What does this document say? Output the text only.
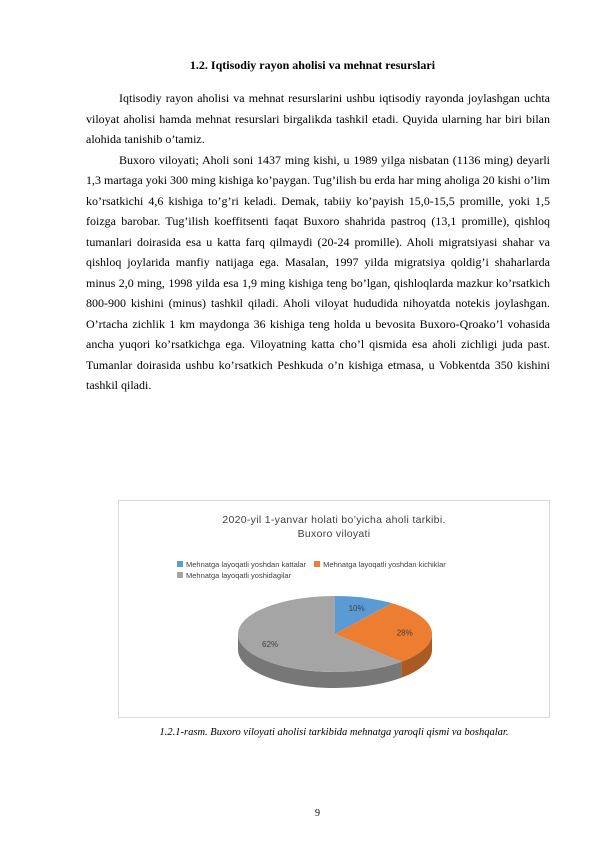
1.2. Iqtisodiy rayon aholisi va mehnat resurslari

Iqtisodiy rayon aholisi va mehnat resurslarini ushbu iqtisodiy rayonda joylashgan uchta viloyat aholisi hamda mehnat resurslari birgalikda tashkil etadi. Quyida ularning har biri bilan alohida tanishib o’tamiz.

Buxoro viloyati; Aholi soni 1437 ming kishi, u 1989 yilga nisbatan (1136 ming) deyarli 1,3 martaga yoki 300 ming kishiga ko’paygan. Tug’ilish bu erda har ming aholiga 20 kishi o’lim ko’rsatkichi 4,6 kishiga to’g’ri keladi. Demak, tabiiy ko’payish 15,0-15,5 promille, yoki 1,5 foizga barobar. Tug’ilish koeffitsenti faqat Buxoro shahrida pastroq (13,1 promille), qishloq tumanlari doirasida esa u katta farq qilmaydi (20-24 promille). Aholi migratsiyasi shahar va qishloq joylarida manfiy natijaga ega. Masalan, 1997 yilda migratsiya qoldig’i shaharlarda minus 2,0 ming, 1998 yilda esa 1,9 ming kishiga teng bo’lgan, qishloqlarda mazkur ko’rsatkich 800-900 kishini (minus) tashkil qiladi. Aholi viloyat hududida nihoyatda notekis joylashgan. O’rtacha zichlik 1 km maydonga 36 kishiga teng holda u bevosita Buxoro-Qroako’l vohasida ancha yuqori ko’rsatkichga ega. Viloyatning katta cho’l qismida esa aholi zichligi juda past. Tumanlar doirasida ushbu ko’rsatkich Peshkuda o’n kishiga etmasa, u Vobkentda 350 kishini tashkil qiladi.

2020-yil 1-yanvar holati bo’yicha aholi tarkibi.
Buxoro viloyati
Mehnatga layoqatli yoshdan kattalar Mehnatga layoqatli yoshdan kichiklar
Mehnatga layoqatli yoshidagilar
10%
28%
62%
1.2.1-rasm. Buxoro viloyati aholisi tarkibida mehnatga yaroqli qismi va boshqalar.
9
